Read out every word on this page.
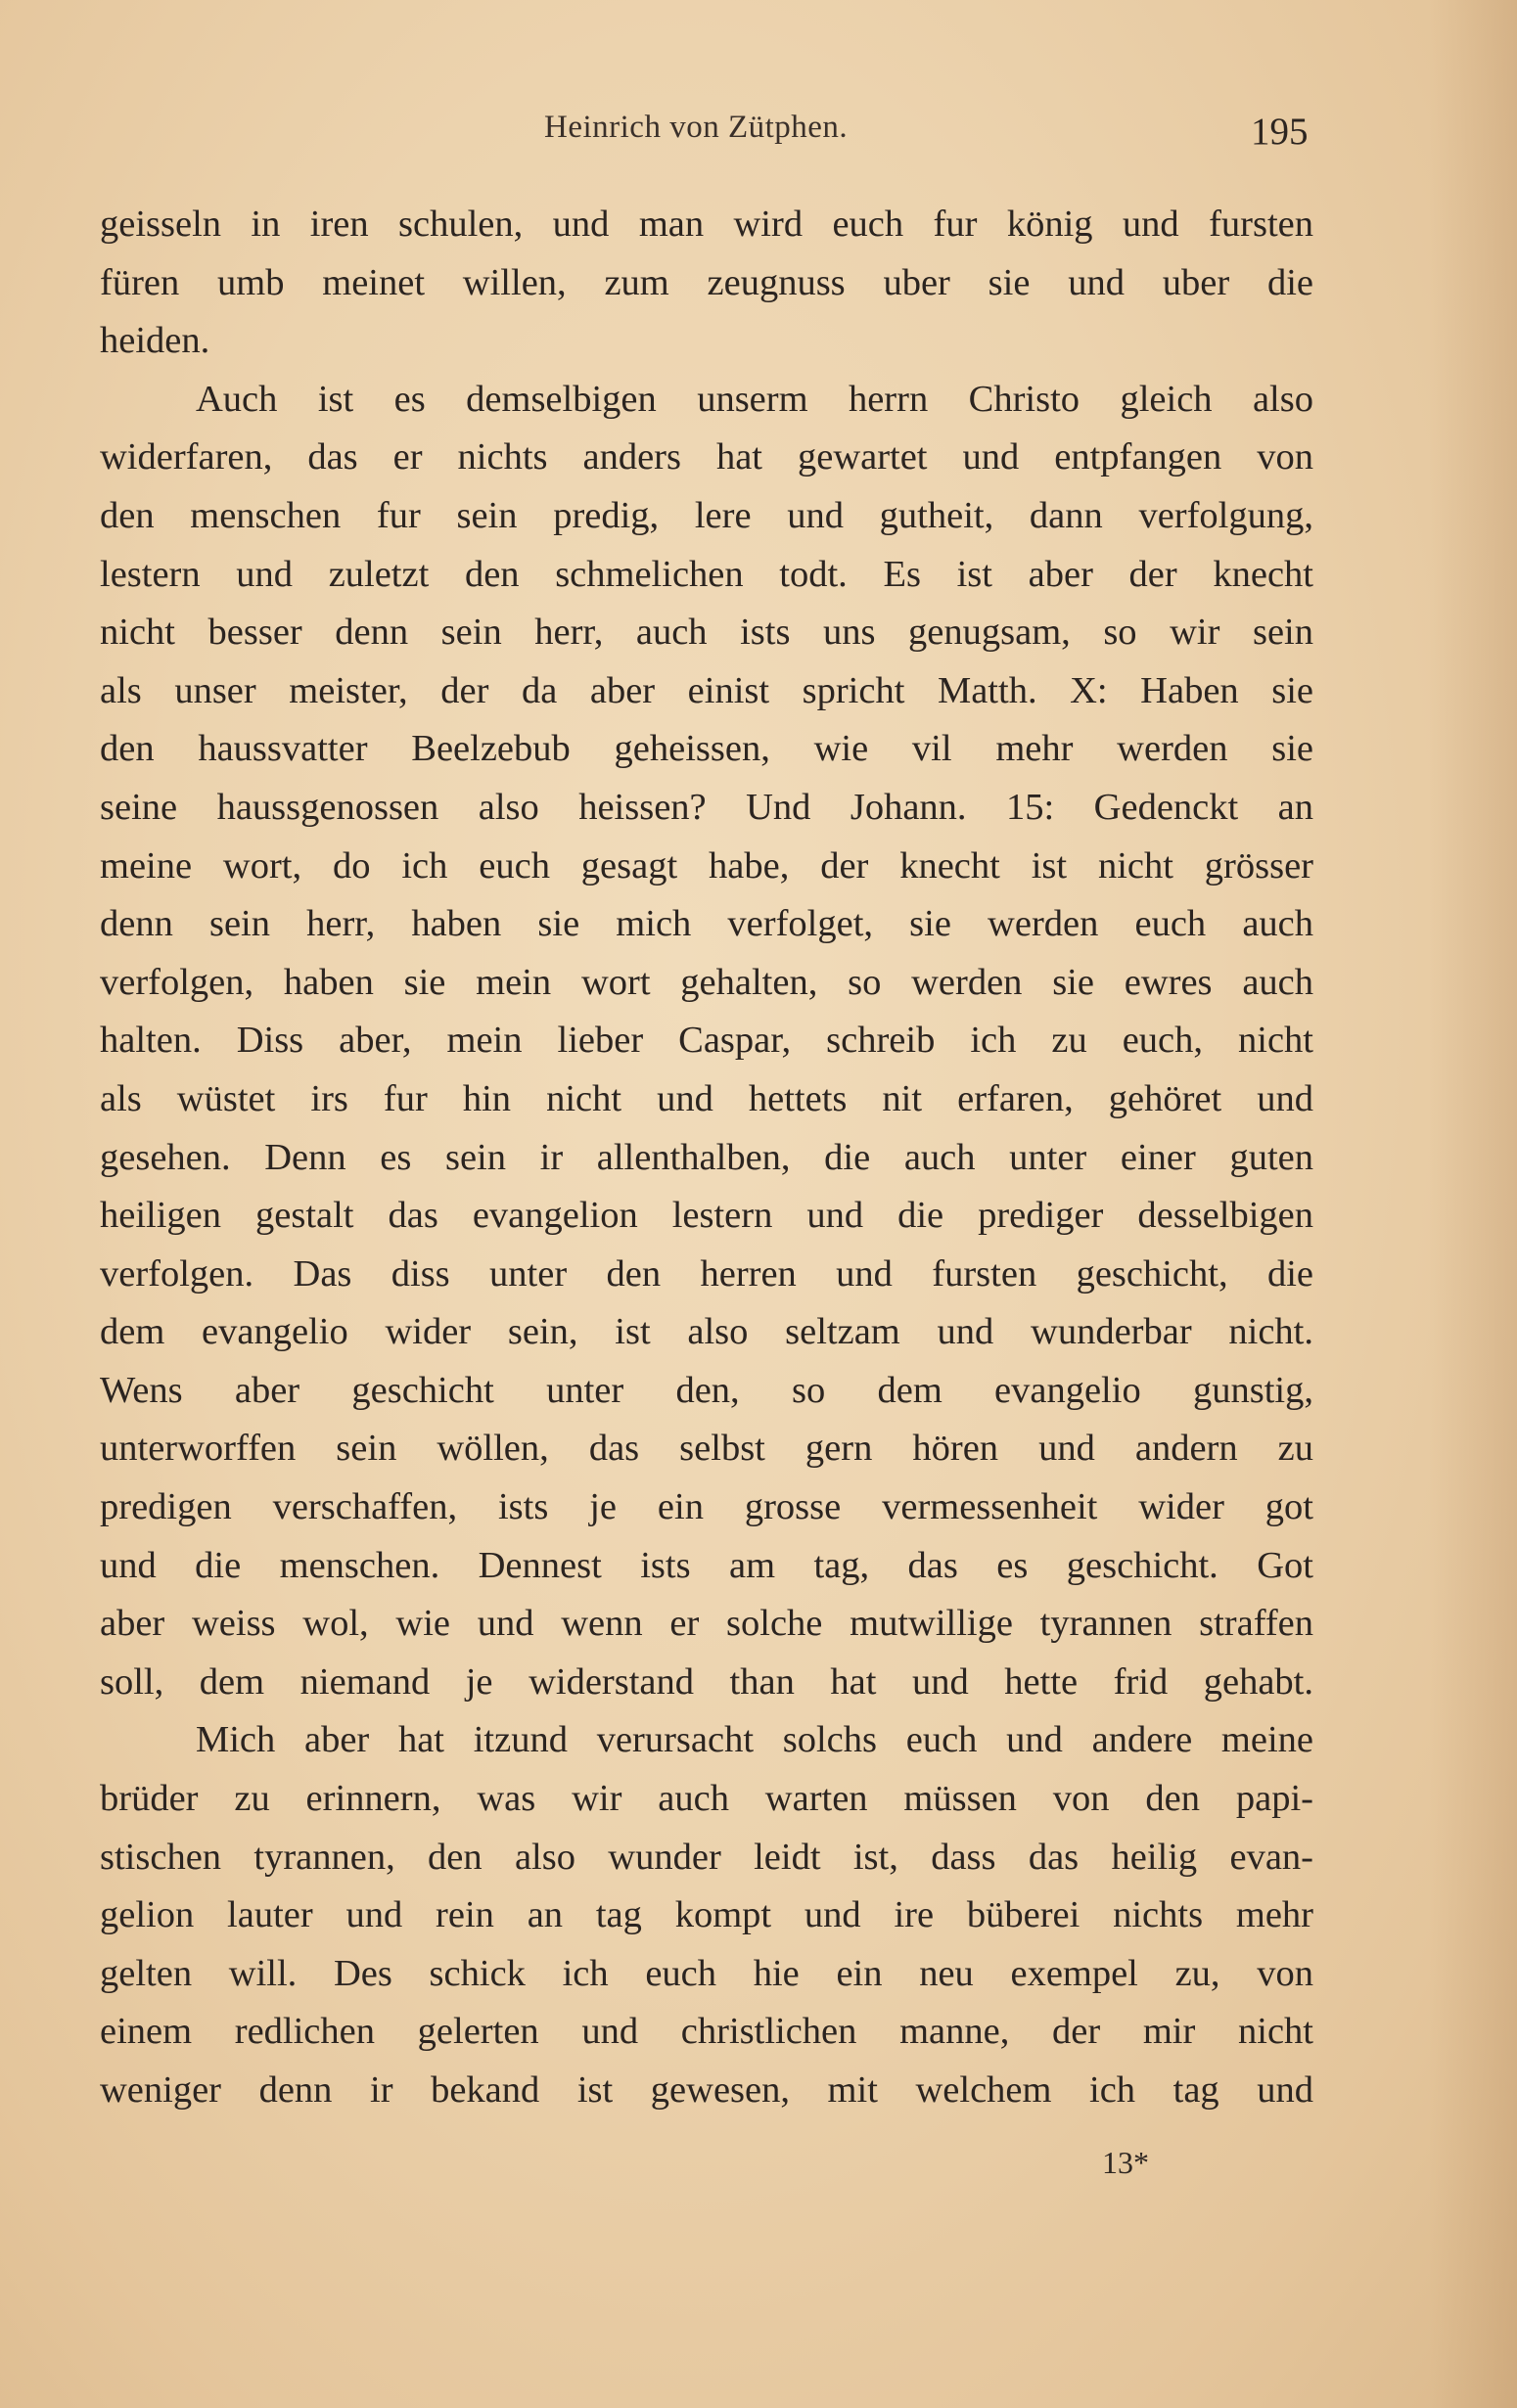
Heinrich von Zütphen.	195
geisseln in iren schulen, und man wird euch fur könig und fursten
füren umb meinet willen, zum zeugnuss uber sie und uber die
heiden.
Auch ist es demselbigen unserm herrn Christo gleich also
widerfaren, das er nichts anders hat gewartet und entpfangen von
den menschen fur sein predig, lere und gutheit, dann verfolgung,
lestern und zuletzt den schmelichen todt. Es ist aber der knecht
nicht besser denn sein herr, auch ists uns genugsam, so wir sein
als unser meister, der da aber einist spricht Matth. X: Haben sie
den haussvatter Beelzebub geheissen, wie vil mehr werden sie
seine haussgenossen also heissen? Und Johann. 15: Gedenckt an
meine wort, do ich euch gesagt habe, der knecht ist nicht grösser
denn sein herr, haben sie mich verfolget, sie werden euch auch
verfolgen, haben sie mein wort gehalten, so werden sie ewres auch
halten. Diss aber, mein lieber Caspar, schreib ich zu euch, nicht
als wüstet irs fur hin nicht und hettets nit erfaren, gehöret und
gesehen. Denn es sein ir allenthalben, die auch unter einer guten
heiligen gestalt das evangelion lestern und die prediger desselbigen
verfolgen. Das diss unter den herren und fursten geschicht, die
dem evangelio wider sein, ist also seltzam und wunderbar nicht.
Wens aber geschicht unter den, so dem evangelio gunstig,
unterworffen sein wöllen, das selbst gern hören und andern zu
predigen verschaffen, ists je ein grosse vermessenheit wider got
und die menschen. Dennest ists am tag, das es geschicht. Got
aber weiss wol, wie und wenn er solche mutwillige tyrannen straffen
soll, dem niemand je widerstand than hat und hette frid gehabt.
Mich aber hat itzund verursacht solchs euch und andere meine
brüder zu erinnern, was wir auch warten müssen von den papi-
stischen tyrannen, den also wunder leidt ist, dass das heilig evan-
gelion lauter und rein an tag kompt und ire büberei nichts mehr
gelten will. Des schick ich euch hie ein neu exempel zu, von
einem redlichen gelerten und christlichen manne, der mir nicht
weniger denn ir bekand ist gewesen, mit welchem ich tag und
13*
